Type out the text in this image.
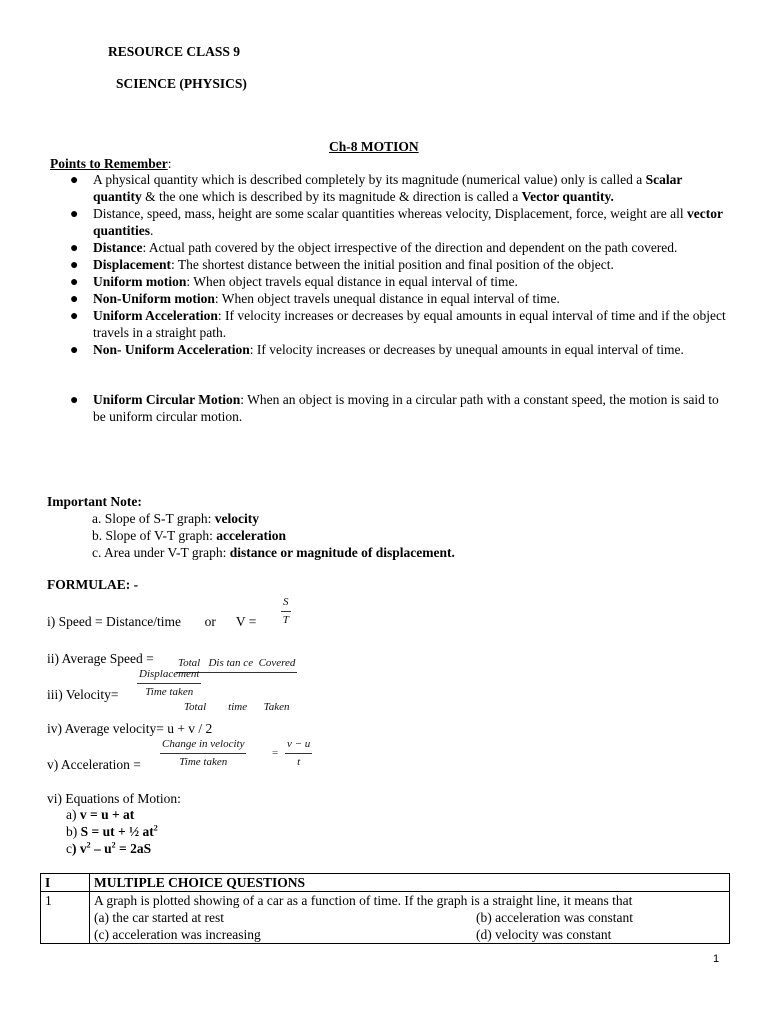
RESOURCE CLASS 9
SCIENCE (PHYSICS)
Ch-8 MOTION
Points to Remember:
● A physical quantity which is described completely by its magnitude (numerical value) only is called a Scalar quantity & the one which is described by its magnitude & direction is called a Vector quantity.
● Distance, speed, mass, height are some scalar quantities whereas velocity, Displacement, force, weight are all vector quantities.
● Distance: Actual path covered by the object irrespective of the direction and dependent on the path covered.
● Displacement: The shortest distance between the initial position and final position of the object.
● Uniform motion: When object travels equal distance in equal interval of time.
● Non-Uniform motion: When object travels unequal distance in equal interval of time.
● Uniform Acceleration: If velocity increases or decreases by equal amounts in equal interval of time and if the object travels in a straight path.
● Non- Uniform Acceleration: If velocity increases or decreases by unequal amounts in equal interval of time.
● Uniform Circular Motion: When an object is moving in a circular path with a constant speed, the motion is said to be uniform circular motion.
Important Note:
a. Slope of S-T graph: velocity
b. Slope of V-T graph: acceleration
c. Area under V-T graph: distance or magnitude of displacement.
FORMULAE: -
i) Speed = Distance/time       or      $V = \frac{S}{T}$
ii) Average Speed =

Total   Dis tan ce  Covered

Total        time      Taken

iii) Velocity=
Displacement
Time taken
iv) Average velocity= u + v / 2
v) Acceleration =
Change in velocity
Time taken
= $\frac{v - u}{t}$
vi) Equations of Motion:
a) v = u + at
b) S = ut + ½ $at^2$
c) $v^2 - u^2 = 2aS$
I	MULTIPLE CHOICE QUESTIONS
1	A graph is plotted showing of a car as a function of time. If the graph is a straight line, it means that
(a) the car started at rest (b) acceleration was constant
(c) acceleration was increasing (d) velocity was constant
1
